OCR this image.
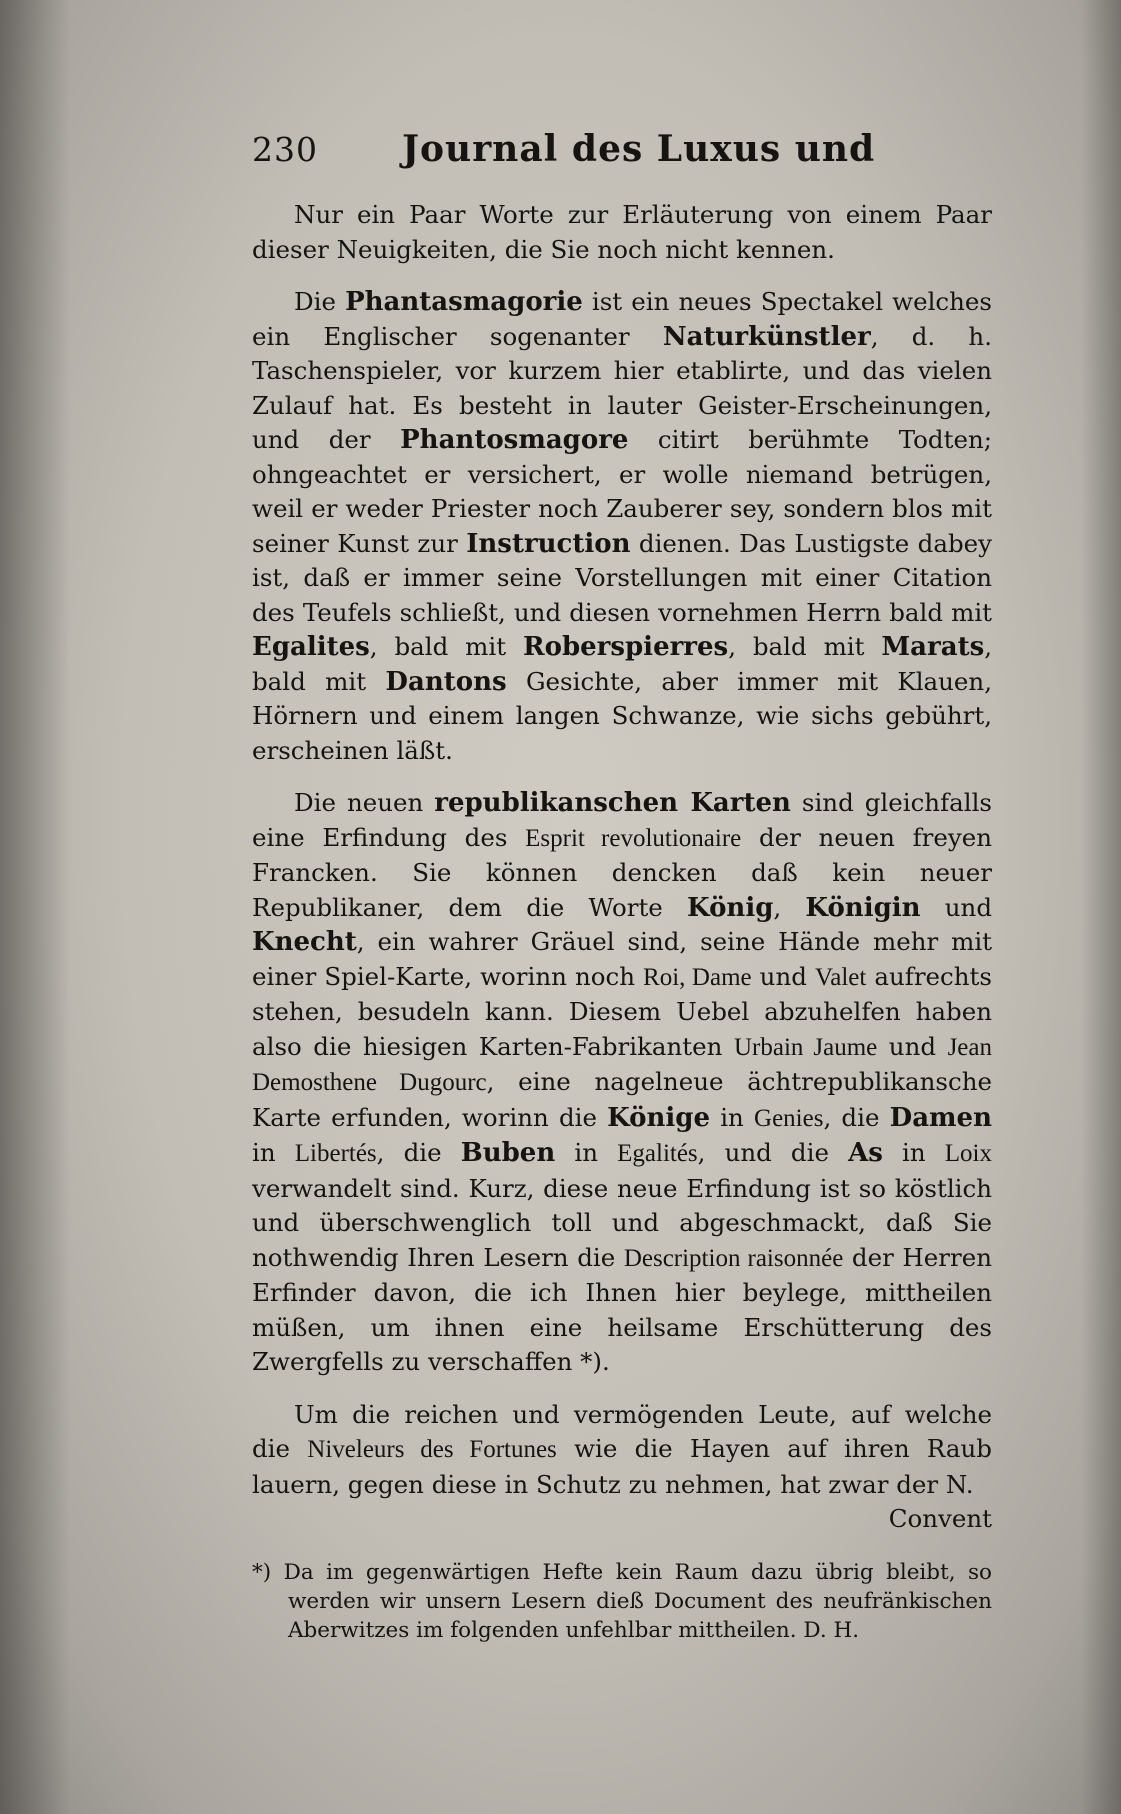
230	Journal des Luxus und

Nur ein Paar Worte zur Erläuterung von einem Paar dieser Neuigkeiten, die Sie noch nicht kennen.

Die Phantasmagorie ist ein neues Spectakel welches ein Englischer sogenanter Naturkünstler, d. h. Taschenspieler, vor kurzem hier etablirte, und das vielen Zulauf hat. Es besteht in lauter Geister-Erscheinungen, und der Phantosmagore citirt berühmte Todten; ohngeachtet er versichert, er wolle niemand betrügen, weil er weder Priester noch Zauberer sey, sondern blos mit seiner Kunst zur Instruction dienen. Das Lustigste dabey ist, daß er immer seine Vorstellungen mit einer Citation des Teufels schließt, und diesen vornehmen Herrn bald mit Egalites, bald mit Roberspierres, bald mit Marats, bald mit Dantons Gesichte, aber immer mit Klauen, Hörnern und einem langen Schwanze, wie sichs gebührt, erscheinen läßt.

Die neuen republikanschen Karten sind gleichfalls eine Erfindung des Esprit revolutionaire der neuen freyen Francken. Sie können dencken daß kein neuer Republikaner, dem die Worte König, Königin und Knecht, ein wahrer Gräuel sind, seine Hände mehr mit einer Spiel-Karte, worinn noch Roi, Dame und Valet aufrechts stehen, besudeln kann. Diesem Uebel abzuhelfen haben also die hiesigen Karten-Fabrikanten Urbain Jaume und Jean Demosthene Dugourc, eine nagelneue ächtrepublikansche Karte erfunden, worinn die Könige in Genies, die Damen in Libertés, die Buben in Egalités, und die As in Loix verwandelt sind. Kurz, diese neue Erfindung ist so köstlich und überschwenglich toll und abgeschmackt, daß Sie nothwendig Ihren Lesern die Description raisonnée der Herren Erfinder davon, die ich Ihnen hier beylege, mittheilen müßen, um ihnen eine heilsame Erschütterung des Zwergfells zu verschaffen *).

Um die reichen und vermögenden Leute, auf welche die Niveleurs des Fortunes wie die Hayen auf ihren Raub lauern, gegen diese in Schutz zu nehmen, hat zwar der N.

Convent
*) Da im gegenwärtigen Hefte kein Raum dazu übrig bleibt, so werden wir unsern Lesern dieß Document des neufränkischen Aberwitzes im folgenden unfehlbar mittheilen. D. H.
